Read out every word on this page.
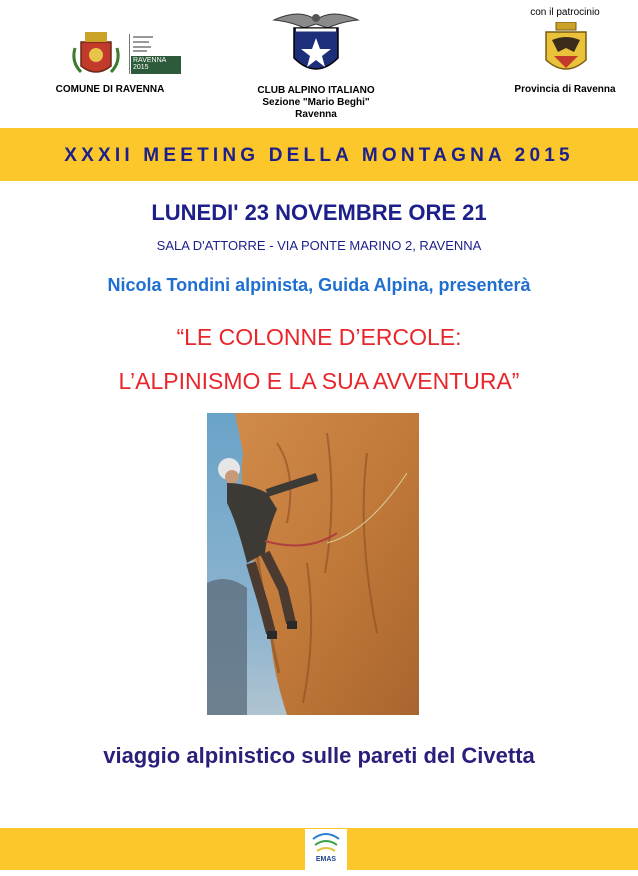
RAVENNA
2015
COMUNE DI RAVENNA	CLUB ALPINO ITALIANO
Sezione "Mario Beghi"
Ravenna
con il patrocinio
Provincia di Ravenna
XXXII MEETING DELLA MONTAGNA 2015
LUNEDI' 23 NOVEMBRE ORE 21
SALA D'ATTORRE - VIA PONTE MARINO 2, RAVENNA
Nicola Tondini alpinista, Guida Alpina, presenterà
“LE COLONNE D’ERCOLE:
L’ALPINISMO E LA SUA AVVENTURA”
viaggio alpinistico sulle pareti del Civetta
EMAS
